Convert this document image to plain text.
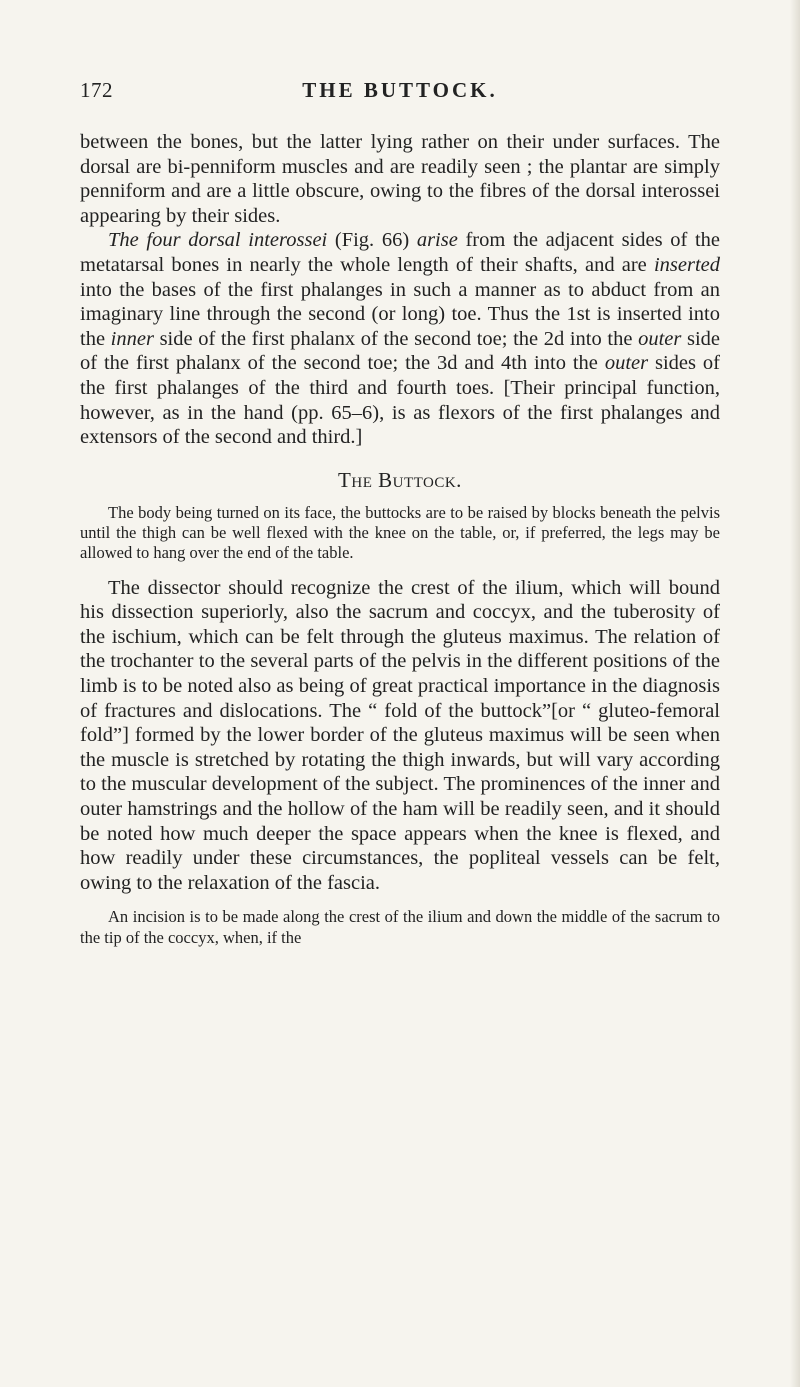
172	THE BUTTOCK.

between the bones, but the latter lying rather on their under surfaces. The dorsal are bi-penniform muscles and are readily seen ; the plantar are simply penniform and are a little obscure, owing to the fibres of the dorsal interossei appearing by their sides.

The four dorsal interossei (Fig. 66) arise from the adjacent sides of the metatarsal bones in nearly the whole length of their shafts, and are inserted into the bases of the first phalanges in such a manner as to abduct from an imaginary line through the second (or long) toe. Thus the 1st is inserted into the inner side of the first phalanx of the second toe; the 2d into the outer side of the first phalanx of the second toe; the 3d and 4th into the outer sides of the first phalanges of the third and fourth toes. [Their principal function, however, as in the hand (pp. 65–6), is as flexors of the first phalanges and extensors of the second and third.]

The Buttock.

The body being turned on its face, the buttocks are to be raised by blocks beneath the pelvis until the thigh can be well flexed with the knee on the table, or, if preferred, the legs may be allowed to hang over the end of the table.

The dissector should recognize the crest of the ilium, which will bound his dissection superiorly, also the sacrum and coccyx, and the tuberosity of the ischium, which can be felt through the gluteus maximus. The relation of the trochanter to the several parts of the pelvis in the different positions of the limb is to be noted also as being of great practical importance in the diagnosis of fractures and dislocations. The “ fold of the buttock”[or “ gluteo-femoral fold”] formed by the lower border of the gluteus maximus will be seen when the muscle is stretched by rotating the thigh inwards, but will vary according to the muscular development of the subject. The prominences of the inner and outer hamstrings and the hollow of the ham will be readily seen, and it should be noted how much deeper the space appears when the knee is flexed, and how readily under these circumstances, the popliteal vessels can be felt, owing to the relaxation of the fascia.

An incision is to be made along the crest of the ilium and down the middle of the sacrum to the tip of the coccyx, when, if the
